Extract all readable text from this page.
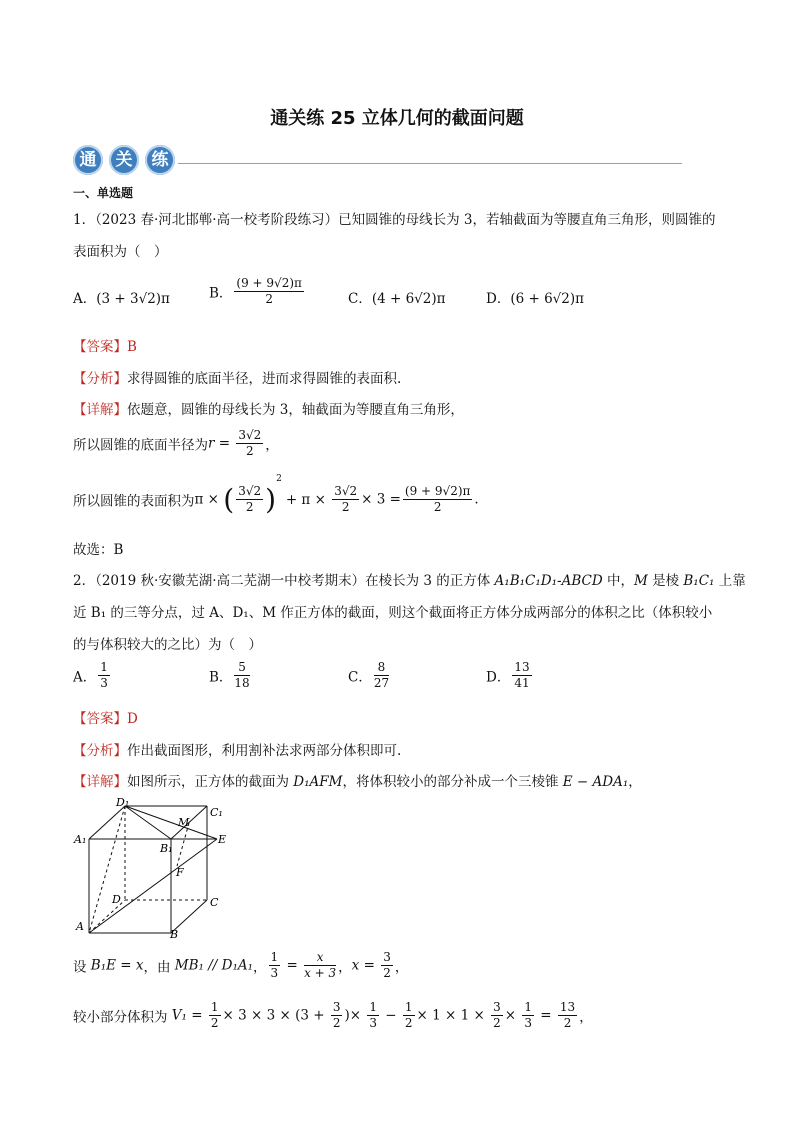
通关练 25 立体几何的截面问题
通 关 练
一、单选题
1．（2023 春·河北邯郸·高一校考阶段练习）已知圆锥的母线长为 3，若轴截面为等腰直角三角形，则圆锥的
表面积为（　）
A．(3 + 3√2)π	B． $\frac{(9 + 9√2)\pi}{2}$	C．(4 + 6√2)π	D．(6 + 6√2)π
【答案】B
【分析】求得圆锥的底面半径，进而求得圆锥的表面积.
【详解】依题意，圆锥的母线长为 3，轴截面为等腰直角三角形，
所以圆锥的底面半径为$r = \frac{3√2}{2}$ ，
所以圆锥的表面积为π × ( $\frac{3√2}{2} )^2+ \pi \times \frac{3√2}{2} \times 3 = \frac{(9 + 9√2)\pi}{2}$ .
故选：B
2．（2019 秋·安徽芜湖·高二芜湖一中校考期末）在棱长为 3 的正方体 A₁B₁C₁D₁-ABCD 中，M 是棱 B₁C₁ 上靠
近 B₁ 的三等分点，过 A、D₁、M 作正方体的截面，则这个截面将正方体分成两部分的体积之比（体积较小
的与体积较大的之比）为（　）
A． $\frac{1}{3}$	B． $\frac{5}{18}$	C． $\frac{8}{27}$	D． $\frac{13}{41}$
【答案】D
【分析】作出截面图形，利用割补法求两部分体积即可.
【详解】如图所示，正方体的截面为 D₁AFM，将体积较小的部分补成一个三棱锥 E − ADA₁，
D₁
C₁
A₁
M
E
B₁
F
D	C
A
B
设 B₁E = x，由 MB₁ // D₁A₁， $\frac{1}{3} = \frac{x}{x + 3}$ ，$x = \frac{3}{2}$ ，
较小部分体积为 $V_1 = \frac{1}{2} \times 3 \times 3 \times (3 + \frac{3}{2}$ )× $\frac{1}{3} - \frac{1}{2} \times 1 \times 1 \times \frac{3}{2} \times \frac{1}{3} = \frac{13}{2}$ ，
